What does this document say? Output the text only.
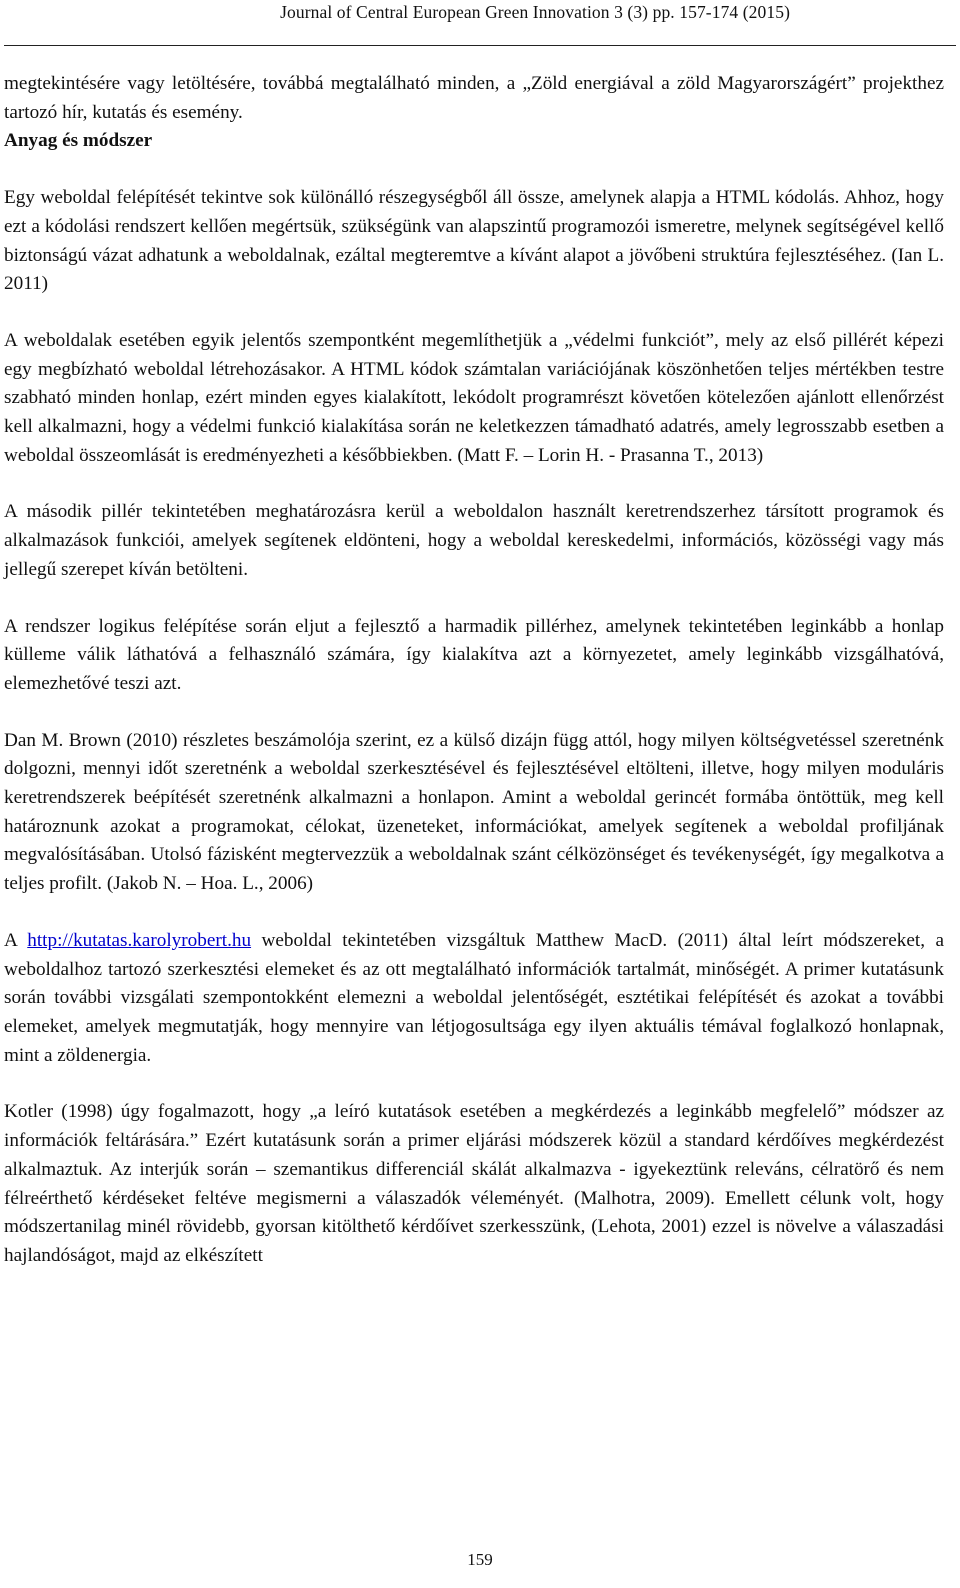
Journal of Central European Green Innovation 3 (3) pp. 157-174 (2015)

megtekintésére vagy letöltésére, továbbá megtalálható minden, a „Zöld energiával a zöld Magyarországért” projekthez tartozó hír, kutatás és esemény.

Anyag és módszer

Egy weboldal felépítését tekintve sok különálló részegységből áll össze, amelynek alapja a HTML kódolás. Ahhoz, hogy ezt a kódolási rendszert kellően megértsük, szükségünk van alapszintű programozói ismeretre, melynek segítségével kellő biztonságú vázat adhatunk a weboldalnak, ezáltal megteremtve a kívánt alapot a jövőbeni struktúra fejlesztéséhez. (Ian L. 2011)

A weboldalak esetében egyik jelentős szempontként megemlíthetjük a „védelmi funkciót”, mely az első pillérét képezi egy megbízható weboldal létrehozásakor. A HTML kódok számtalan variációjának köszönhetően teljes mértékben testre szabható minden honlap, ezért minden egyes kialakított, lekódolt programrészt követően kötelezően ajánlott ellenőrzést kell alkalmazni, hogy a védelmi funkció kialakítása során ne keletkezzen támadható adatrés, amely legrosszabb esetben a weboldal összeomlását is eredményezheti a későbbiekben. (Matt F. – Lorin H. - Prasanna T., 2013)

A második pillér tekintetében meghatározásra kerül a weboldalon használt keretrendszerhez társított programok és alkalmazások funkciói, amelyek segítenek eldönteni, hogy a weboldal kereskedelmi, információs, közösségi vagy más jellegű szerepet kíván betölteni.

A rendszer logikus felépítése során eljut a fejlesztő a harmadik pillérhez, amelynek tekintetében leginkább a honlap külleme válik láthatóvá a felhasználó számára, így kialakítva azt a környezetet, amely leginkább vizsgálhatóvá, elemezhetővé teszi azt.

Dan M. Brown (2010) részletes beszámolója szerint, ez a külső dizájn függ attól, hogy milyen költségvetéssel szeretnénk dolgozni, mennyi időt szeretnénk a weboldal szerkesztésével és fejlesztésével eltölteni, illetve, hogy milyen moduláris keretrendszerek beépítését szeretnénk alkalmazni a honlapon. Amint a weboldal gerincét formába öntöttük, meg kell határoznunk azokat a programokat, célokat, üzeneteket, információkat, amelyek segítenek a weboldal profiljának megvalósításában. Utolsó fázisként megtervezzük a weboldalnak szánt célközönséget és tevékenységét, így megalkotva a teljes profilt. (Jakob N. – Hoa. L., 2006)

A http://kutatas.karolyrobert.hu weboldal tekintetében vizsgáltuk Matthew MacD. (2011) által leírt módszereket, a weboldalhoz tartozó szerkesztési elemeket és az ott megtalálható információk tartalmát, minőségét. A primer kutatásunk során további vizsgálati szempontokként elemezni a weboldal jelentőségét, esztétikai felépítését és azokat a további elemeket, amelyek megmutatják, hogy mennyire van létjogosultsága egy ilyen aktuális témával foglalkozó honlapnak, mint a zöldenergia.

Kotler (1998) úgy fogalmazott, hogy „a leíró kutatások esetében a megkérdezés a leginkább megfelelő” módszer az információk feltárására.” Ezért kutatásunk során a primer eljárási módszerek közül a standard kérdőíves megkérdezést alkalmaztuk. Az interjúk során – szemantikus differenciál skálát alkalmazva - igyekeztünk releváns, célratörő és nem félreérthető kérdéseket feltéve megismerni a válaszadók véleményét. (Malhotra, 2009). Emellett célunk volt, hogy módszertanilag minél rövidebb, gyorsan kitölthető kérdőívet szerkesszünk, (Lehota, 2001) ezzel is növelve a válaszadási hajlandóságot, majd az elkészített

159
